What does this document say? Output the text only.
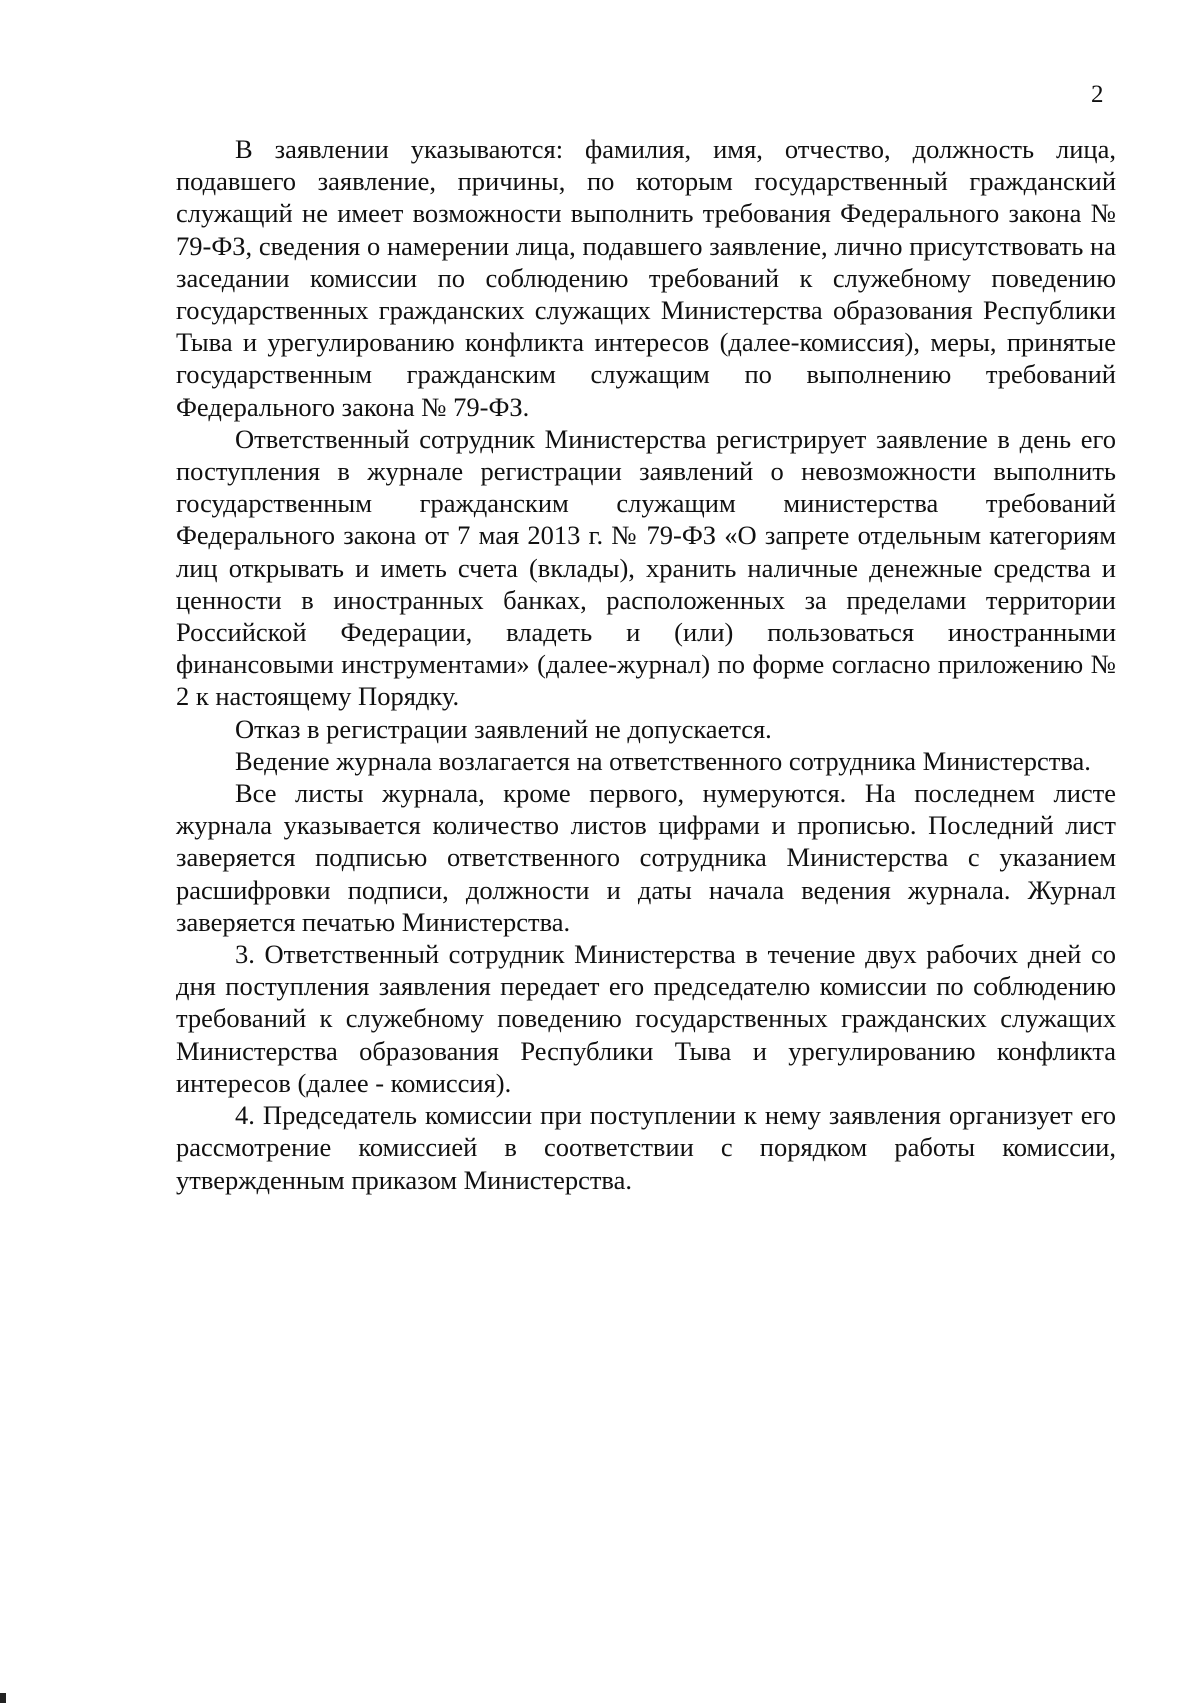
2

В заявлении указываются: фамилия, имя, отчество, должность лица, подавшего заявление, причины, по которым государственный гражданский служащий не имеет возможности выполнить требования Федерального закона № 79-ФЗ, сведения о намерении лица, подавшего заявление, лично присутствовать на заседании комиссии по соблюдению требований к служебному поведению государственных гражданских служащих Министерства образования Республики Тыва и урегулированию конфликта интересов (далее-комиссия), меры, принятые государственным гражданским служащим по выполнению требований Федерального закона № 79-ФЗ.

Ответственный сотрудник Министерства регистрирует заявление в день его поступления в журнале регистрации заявлений о невозможности выполнить государственным гражданским служащим министерства требований Федерального закона от 7 мая 2013 г. № 79-ФЗ «О запрете отдельным категориям лиц открывать и иметь счета (вклады), хранить наличные денежные средства и ценности в иностранных банках, расположенных за пределами территории Российской Федерации, владеть и (или) пользоваться иностранными финансовыми инструментами» (далее-журнал) по форме согласно приложению № 2 к настоящему Порядку.

Отказ в регистрации заявлений не допускается.

Ведение журнала возлагается на ответственного сотрудника Министерства.

Все листы журнала, кроме первого, нумеруются. На последнем листе журнала указывается количество листов цифрами и прописью. Последний лист заверяется подписью ответственного сотрудника Министерства с указанием расшифровки подписи, должности и даты начала ведения журнала. Журнал заверяется печатью Министерства.

3. Ответственный сотрудник Министерства в течение двух рабочих дней со дня поступления заявления передает его председателю комиссии по соблюдению требований к служебному поведению государственных гражданских служащих Министерства образования Республики Тыва и урегулированию конфликта интересов (далее - комиссия).

4. Председатель комиссии при поступлении к нему заявления организует его рассмотрение комиссией в соответствии с порядком работы комиссии, утвержденным приказом Министерства.
